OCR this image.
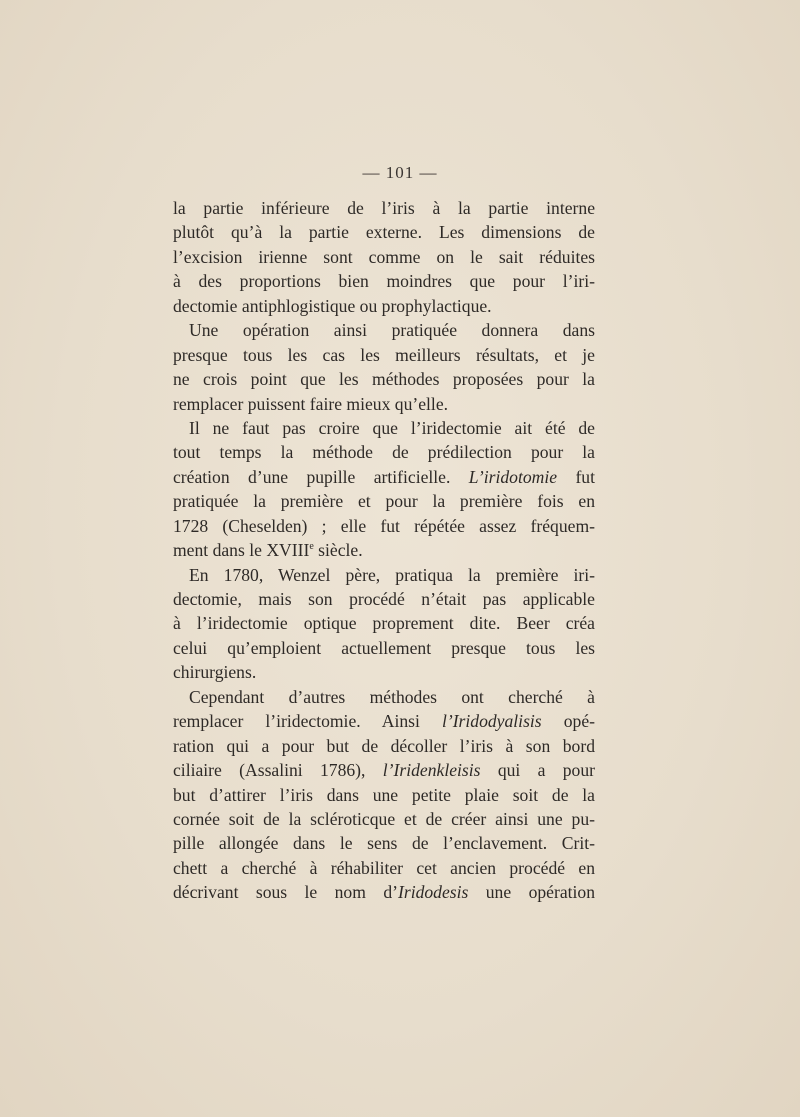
— 101 —
la partie inférieure de l’iris à la partie interne
plutôt qu’à la partie externe. Les dimensions de
l’excision irienne sont comme on le sait réduites
à des proportions bien moindres que pour l’iri-
dectomie antiphlogistique ou prophylactique.
Une opération ainsi pratiquée donnera dans
presque tous les cas les meilleurs résultats, et je
ne crois point que les méthodes proposées pour la
remplacer puissent faire mieux qu’elle.
Il ne faut pas croire que l’iridectomie ait été de
tout temps la méthode de prédilection pour la
création d’une pupille artificielle. L’iridotomie fut
pratiquée la première et pour la première fois en
1728 (Cheselden) ; elle fut répétée assez fréquem-
ment dans le XVIIIe siècle.
En 1780, Wenzel père, pratiqua la première iri-
dectomie, mais son procédé n’était pas applicable
à l’iridectomie optique proprement dite. Beer créa
celui qu’emploient actuellement presque tous les
chirurgiens.
Cependant d’autres méthodes ont cherché à
remplacer l’iridectomie. Ainsi l’Iridodyalisis opé-
ration qui a pour but de décoller l’iris à son bord
ciliaire (Assalini 1786), l’Iridenkleisis qui a pour
but d’attirer l’iris dans une petite plaie soit de la
cornée soit de la scléroticque et de créer ainsi une pu-
pille allongée dans le sens de l’enclavement. Crit-
chett a cherché à réhabiliter cet ancien procédé en
décrivant sous le nom d’Iridodesis une opération
